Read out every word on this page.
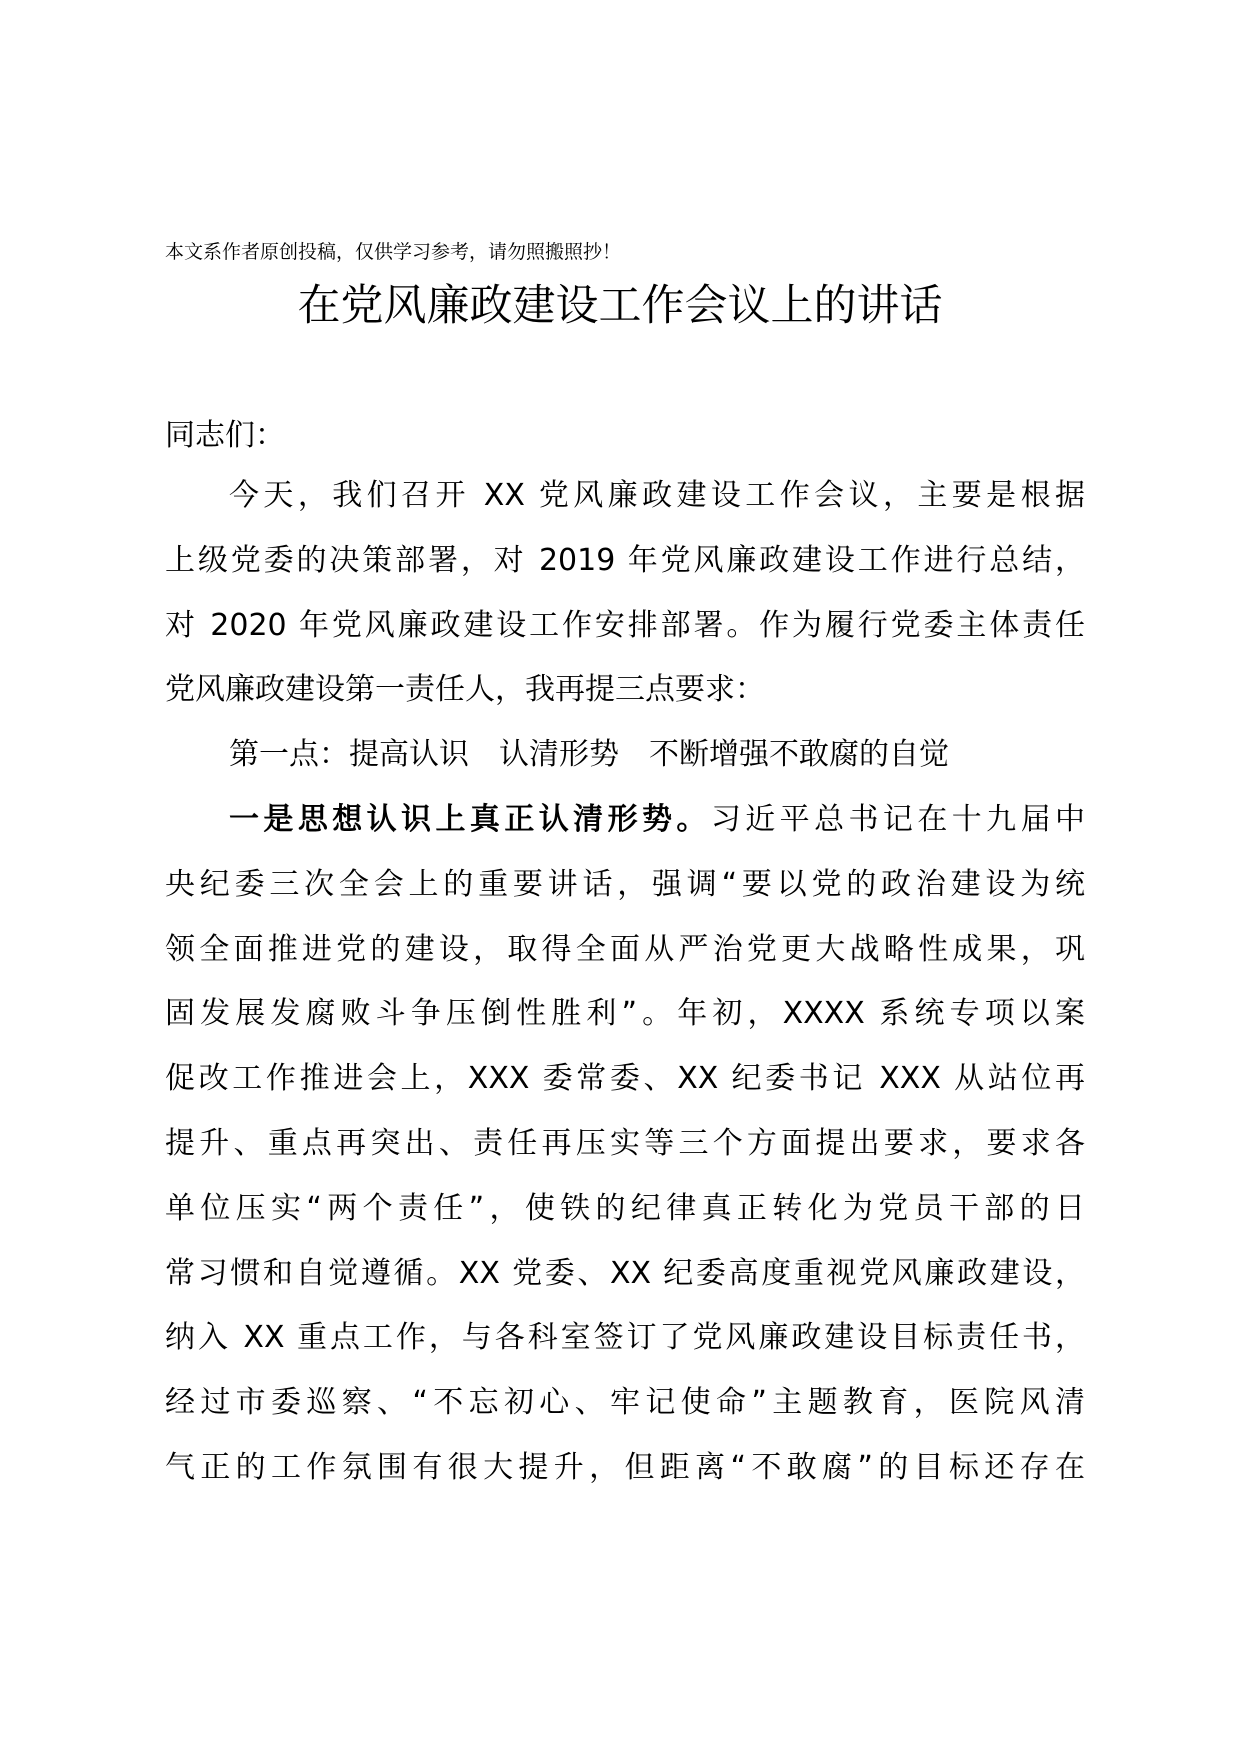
本文系作者原创投稿，仅供学习参考，请勿照搬照抄！
在党风廉政建设工作会议上的讲话
同志们：
今天，我们召开 XX 党风廉政建设工作会议，主要是根据
上级党委的决策部署，对 2019 年党风廉政建设工作进行总结，
对 2020 年党风廉政建设工作安排部署。作为履行党委主体责任
党风廉政建设第一责任人，我再提三点要求：
第一点：提高认识　认清形势　不断增强不敢腐的自觉
一是思想认识上真正认清形势。习近平总书记在十九届中
央纪委三次全会上的重要讲话，强调“要以党的政治建设为统
领全面推进党的建设，取得全面从严治党更大战略性成果，巩
固发展发腐败斗争压倒性胜利”。年初，XXXX 系统专项以案
促改工作推进会上，XXX 委常委、XX 纪委书记 XXX 从站位再
提升、重点再突出、责任再压实等三个方面提出要求，要求各
单位压实“两个责任”，使铁的纪律真正转化为党员干部的日
常习惯和自觉遵循。XX 党委、XX 纪委高度重视党风廉政建设，
纳入 XX 重点工作，与各科室签订了党风廉政建设目标责任书，
经过市委巡察、“不忘初心、牢记使命”主题教育，医院风清
气正的工作氛围有很大提升，但距离“不敢腐”的目标还存在
